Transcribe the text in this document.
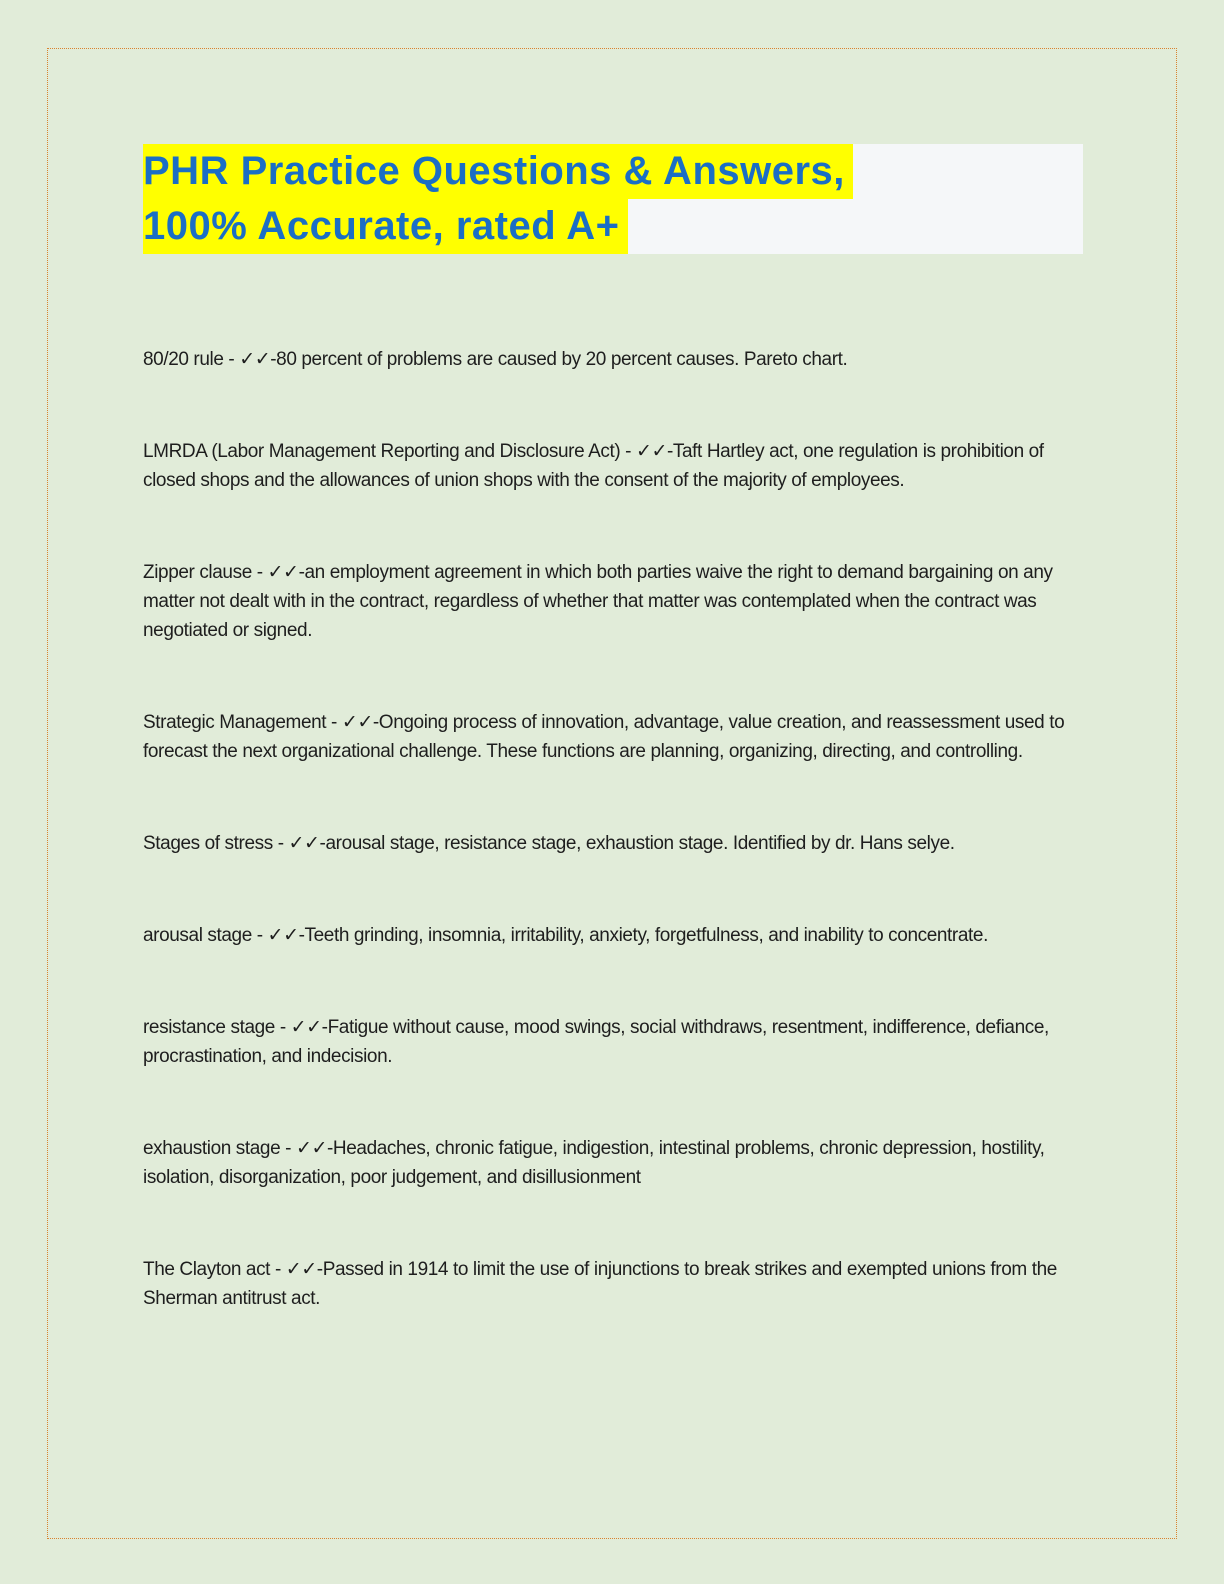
PHR Practice Questions & Answers,
100% Accurate, rated A+

80/20 rule - ✓✓-80 percent of problems are caused by 20 percent causes. Pareto chart.

LMRDA (Labor Management Reporting and Disclosure Act) - ✓✓-Taft Hartley act, one regulation is prohibition of closed shops and the allowances of union shops with the consent of the majority of employees.

Zipper clause - ✓✓-an employment agreement in which both parties waive the right to demand bargaining on any matter not dealt with in the contract, regardless of whether that matter was contemplated when the contract was negotiated or signed.

Strategic Management - ✓✓-Ongoing process of innovation, advantage, value creation, and reassessment used to forecast the next organizational challenge. These functions are planning, organizing, directing, and controlling.

Stages of stress - ✓✓-arousal stage, resistance stage, exhaustion stage. Identified by dr. Hans selye.

arousal stage - ✓✓-Teeth grinding, insomnia, irritability, anxiety, forgetfulness, and inability to concentrate.

resistance stage - ✓✓-Fatigue without cause, mood swings, social withdraws, resentment, indifference, defiance, procrastination, and indecision.

exhaustion stage - ✓✓-Headaches, chronic fatigue, indigestion, intestinal problems, chronic depression, hostility, isolation, disorganization, poor judgement, and disillusionment

The Clayton act - ✓✓-Passed in 1914 to limit the use of injunctions to break strikes and exempted unions from the Sherman antitrust act.
